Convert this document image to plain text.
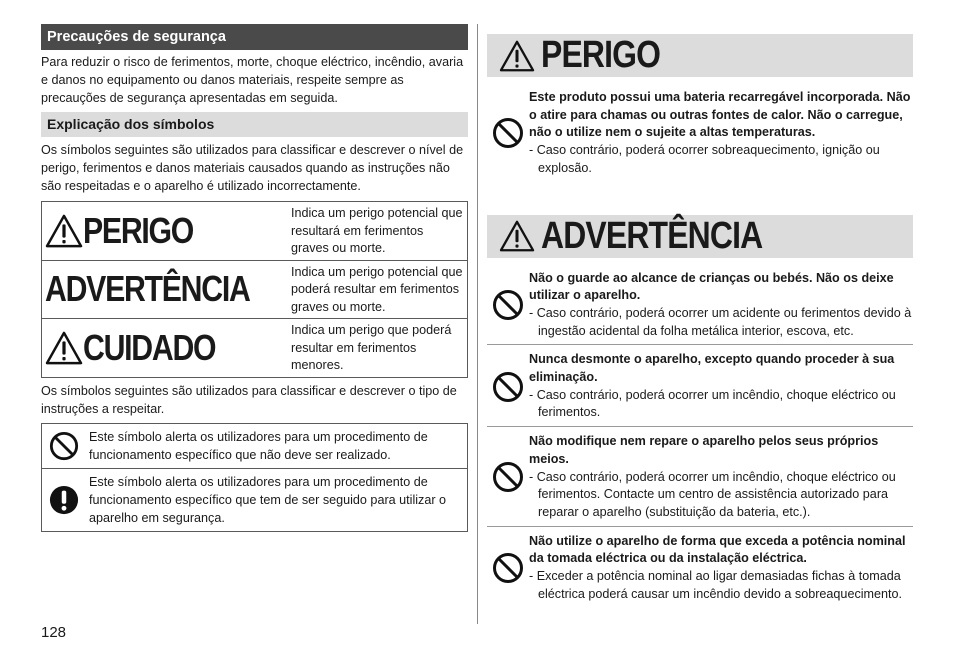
Precauções de segurança
Para reduzir o risco de ferimentos, morte, choque eléctrico, incêndio, avaria e danos no equipamento ou danos materiais, respeite sempre as precauções de segurança apresentadas em seguida.
Explicação dos símbolos
Os símbolos seguintes são utilizados para classificar e descrever o nível de perigo, ferimentos e danos materiais causados quando as instruções não são respeitadas e o aparelho é utilizado incorrectamente.
PERIGO	Indica um perigo potencial que resultará em ferimentos graves ou morte.
ADVERTÊNCIA	Indica um perigo potencial que poderá resultar em ferimentos graves ou morte.
CUIDADO	Indica um perigo que poderá resultar em ferimentos menores.
Os símbolos seguintes são utilizados para classificar e descrever o tipo de instruções a respeitar.
Este símbolo alerta os utilizadores para um procedimento de funcionamento específico que não deve ser realizado.
Este símbolo alerta os utilizadores para um procedimento de funcionamento específico que tem de ser seguido para utilizar o aparelho em segurança.
PERIGO
Este produto possui uma bateria recarregável incorporada. Não o atire para chamas ou outras fontes de calor. Não o carregue, não o utilize nem o sujeite a altas temperaturas.
- Caso contrário, poderá ocorrer sobreaquecimento, ignição ou explosão.
ADVERTÊNCIA
Não o guarde ao alcance de crianças ou bebés. Não os deixe utilizar o aparelho.
- Caso contrário, poderá ocorrer um acidente ou ferimentos devido à ingestão acidental da folha metálica interior, escova, etc.
Nunca desmonte o aparelho, excepto quando proceder à sua eliminação.
- Caso contrário, poderá ocorrer um incêndio, choque eléctrico ou ferimentos.
Não modifique nem repare o aparelho pelos seus próprios meios.
- Caso contrário, poderá ocorrer um incêndio, choque eléctrico ou ferimentos. Contacte um centro de assistência autorizado para reparar o aparelho (substituição da bateria, etc.).
Não utilize o aparelho de forma que exceda a potência nominal da tomada eléctrica ou da instalação eléctrica.
- Exceder a potência nominal ao ligar demasiadas fichas à tomada eléctrica poderá causar um incêndio devido a sobreaquecimento.
128
